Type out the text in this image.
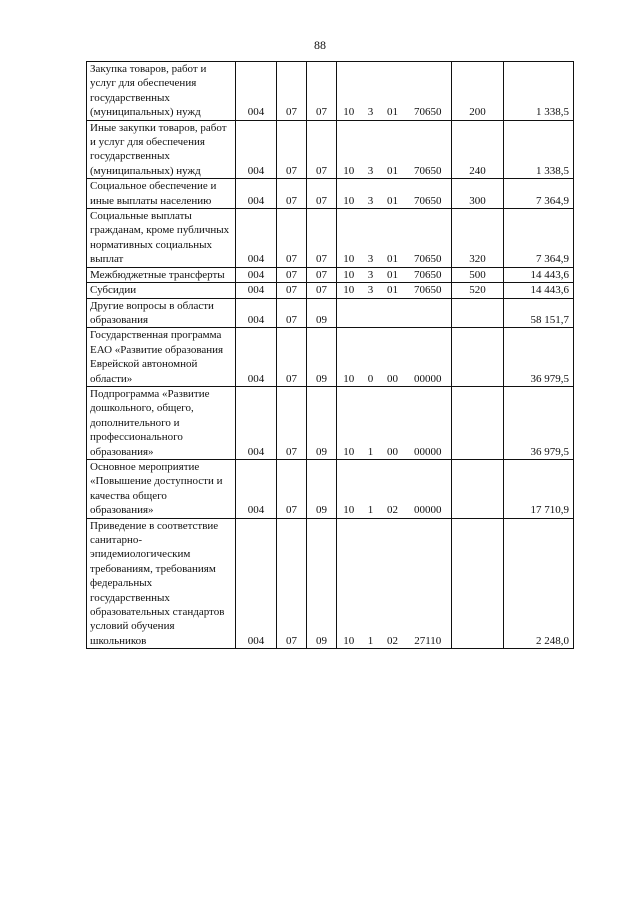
88
Закупка товаров, работ и услуг для обеспечения государственных (муниципальных) нужд	004	07	07	10	3	01	70650	200	1 338,5
Иные закупки товаров, работ и услуг для обеспечения государственных (муниципальных) нужд	004	07	07	10	3	01	70650	240	1 338,5
Социальное обеспечение и иные выплаты населению	004	07	07	10	3	01	70650	300	7 364,9
Социальные выплаты гражданам, кроме публичных нормативных социальных выплат	004	07	07	10	3	01	70650	320	7 364,9
Межбюджетные трансферты	004	07	07	10	3	01	70650	500	14 443,6
Субсидии	004	07	07	10	3	01	70650	520	14 443,6
Другие вопросы в области образования	004	07	09						58 151,7
Государственная программа ЕАО «Развитие образования Еврейской автономной области»	004	07	09	10	0	00	00000		36 979,5
Подпрограмма «Развитие дошкольного, общего, дополнительного и профессионального образования»	004	07	09	10	1	00	00000		36 979,5
Основное мероприятие «Повышение доступности и качества общего образования»	004	07	09	10	1	02	00000		17 710,9
Приведение в соответствие санитарно-эпидемиологическим требованиям, требованиям федеральных государственных образовательных стандартов условий обучения школьников	004	07	09	10	1	02	27110		2 248,0
